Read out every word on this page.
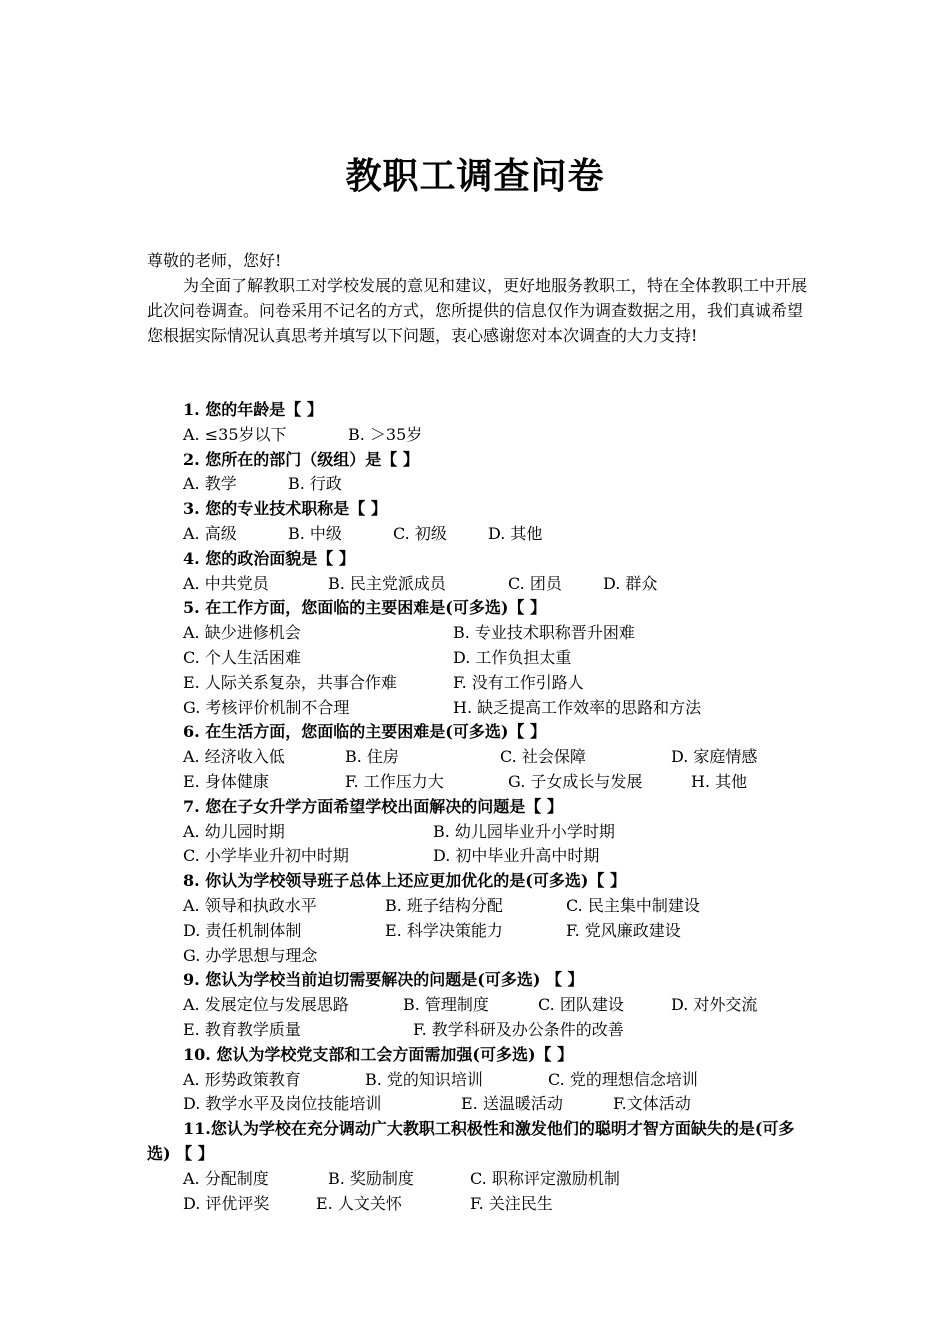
教职工调查问卷

尊敬的老师，您好!

为全面了解教职工对学校发展的意见和建议，更好地服务教职工，特在全体教职工中开展此次问卷调查。问卷采用不记名的方式，您所提供的信息仅作为调查数据之用，我们真诚希望您根据实际情况认真思考并填写以下问题，衷心感谢您对本次调查的大力支持!

1. 您的年龄是【 】
A. ≤35岁以下	B. ＞35岁
2. 您所在的部门（级组）是【 】
A. 教学	B. 行政
3. 您的专业技术职称是【 】
A. 高级	B. 中级	C. 初级	D. 其他
4. 您的政治面貌是【 】
A. 中共党员	B. 民主党派成员	C. 团员	D. 群众
5. 在工作方面，您面临的主要困难是(可多选)【 】
A. 缺少进修机会	B. 专业技术职称晋升困难
C. 个人生活困难	D. 工作负担太重
E. 人际关系复杂，共事合作难	F. 没有工作引路人
G. 考核评价机制不合理	H. 缺乏提高工作效率的思路和方法
6. 在生活方面，您面临的主要困难是(可多选)【 】
A. 经济收入低	B. 住房	C. 社会保障	D. 家庭情感
E. 身体健康	F. 工作压力大	G. 子女成长与发展	H. 其他
7. 您在子女升学方面希望学校出面解决的问题是【 】
A. 幼儿园时期	B. 幼儿园毕业升小学时期
C. 小学毕业升初中时期	D. 初中毕业升高中时期
8. 你认为学校领导班子总体上还应更加优化的是(可多选)【 】
A. 领导和执政水平	B. 班子结构分配	C. 民主集中制建设
D. 责任机制体制	E. 科学决策能力	F. 党风廉政建设
G. 办学思想与理念
9. 您认为学校当前迫切需要解决的问题是(可多选) 【 】
A. 发展定位与发展思路	B. 管理制度	C. 团队建设	D. 对外交流
E. 教育教学质量	F. 教学科研及办公条件的改善
10. 您认为学校党支部和工会方面需加强(可多选)【 】
A. 形势政策教育	B. 党的知识培训	C. 党的理想信念培训
D. 教学水平及岗位技能培训	E. 送温暖活动	F.文体活动
11.您认为学校在充分调动广大教职工积极性和激发他们的聪明才智方面缺失的是(可多选) 【 】
A. 分配制度	B. 奖励制度	C. 职称评定激励机制
D. 评优评奖	E. 人文关怀	F. 关注民生
